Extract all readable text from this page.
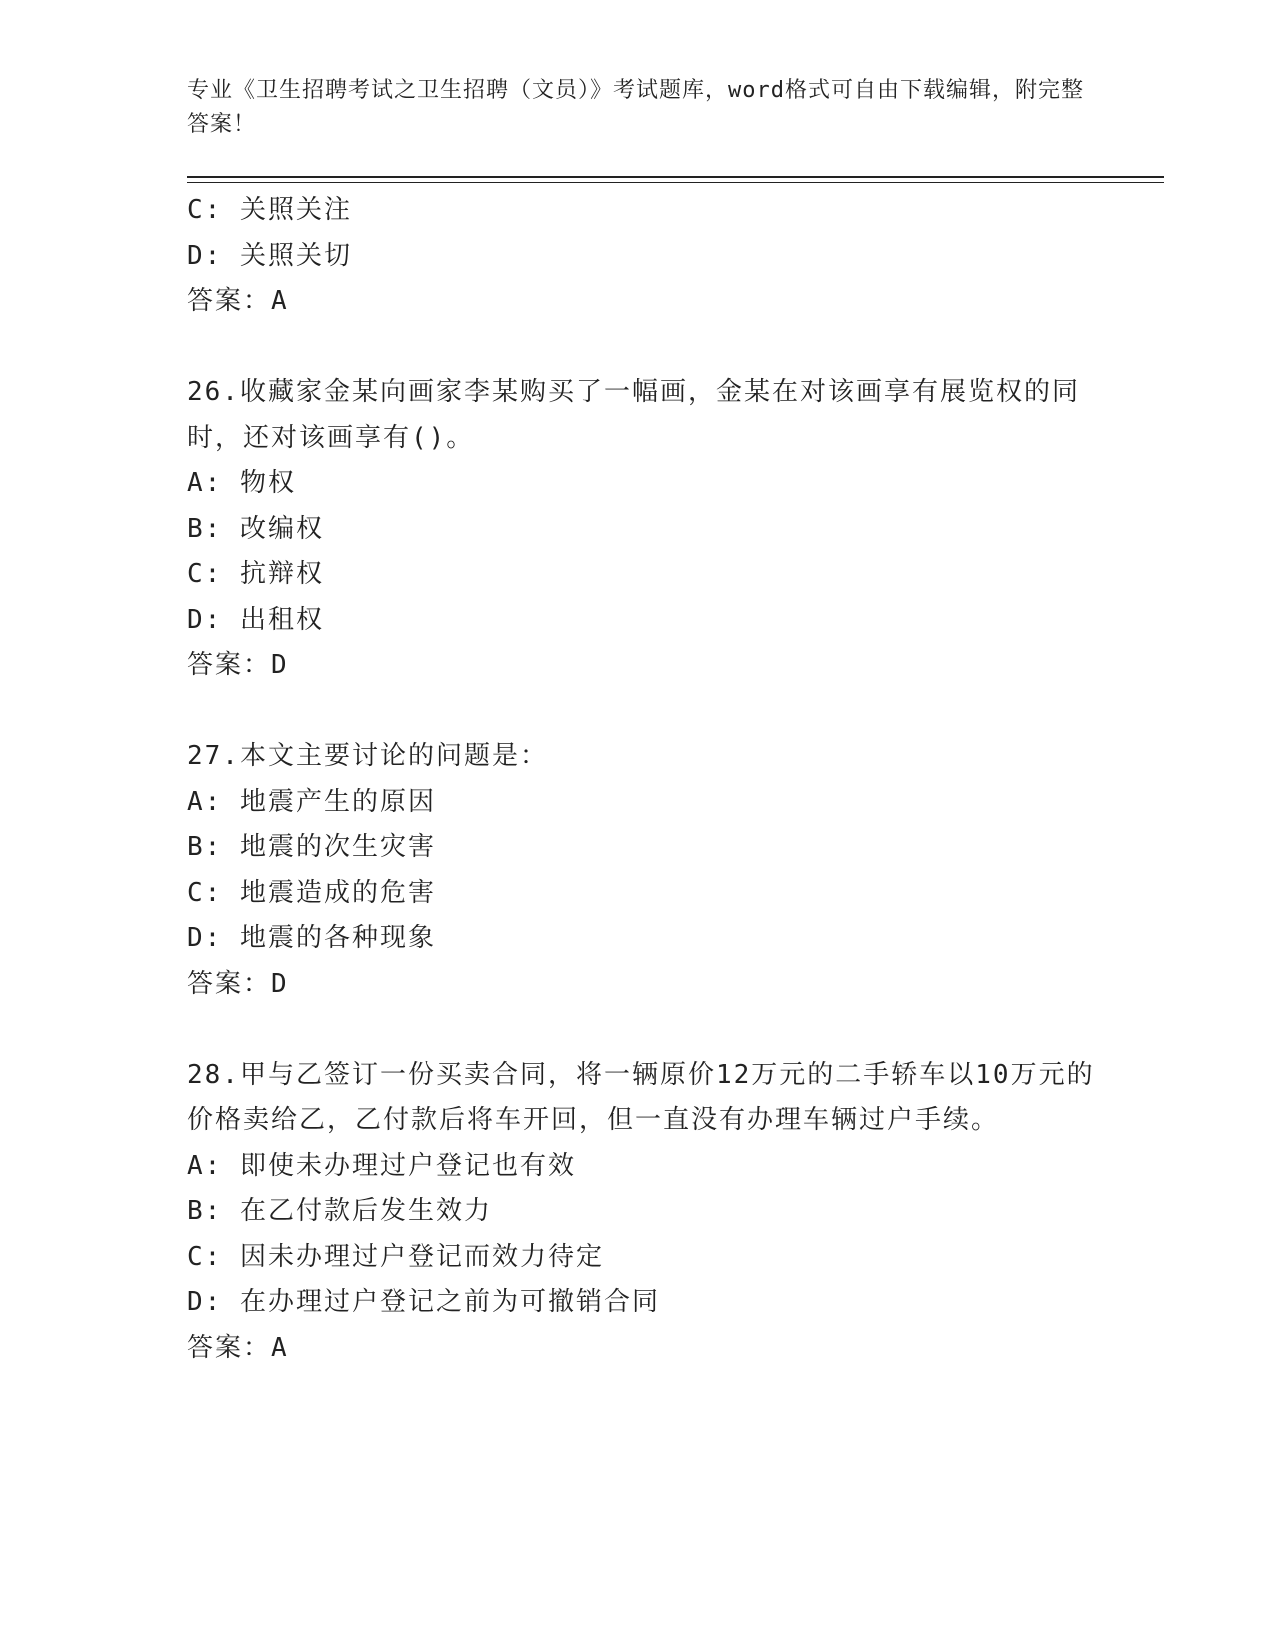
专业《卫生招聘考试之卫生招聘（文员）》考试题库，word格式可自由下载编辑，附完整答案！
C: 关照关注
D: 关照关切
答案：A
26.收藏家金某向画家李某购买了一幅画，金某在对该画享有展览权的同时，还对该画享有()。
A: 物权
B: 改编权
C: 抗辩权
D: 出租权
答案：D
27.本文主要讨论的问题是：
A: 地震产生的原因
B: 地震的次生灾害
C: 地震造成的危害
D: 地震的各种现象
答案：D
28.甲与乙签订一份买卖合同，将一辆原价12万元的二手轿车以10万元的价格卖给乙，乙付款后将车开回，但一直没有办理车辆过户手续。
A: 即使未办理过户登记也有效
B: 在乙付款后发生效力
C: 因未办理过户登记而效力待定
D: 在办理过户登记之前为可撤销合同
答案：A
